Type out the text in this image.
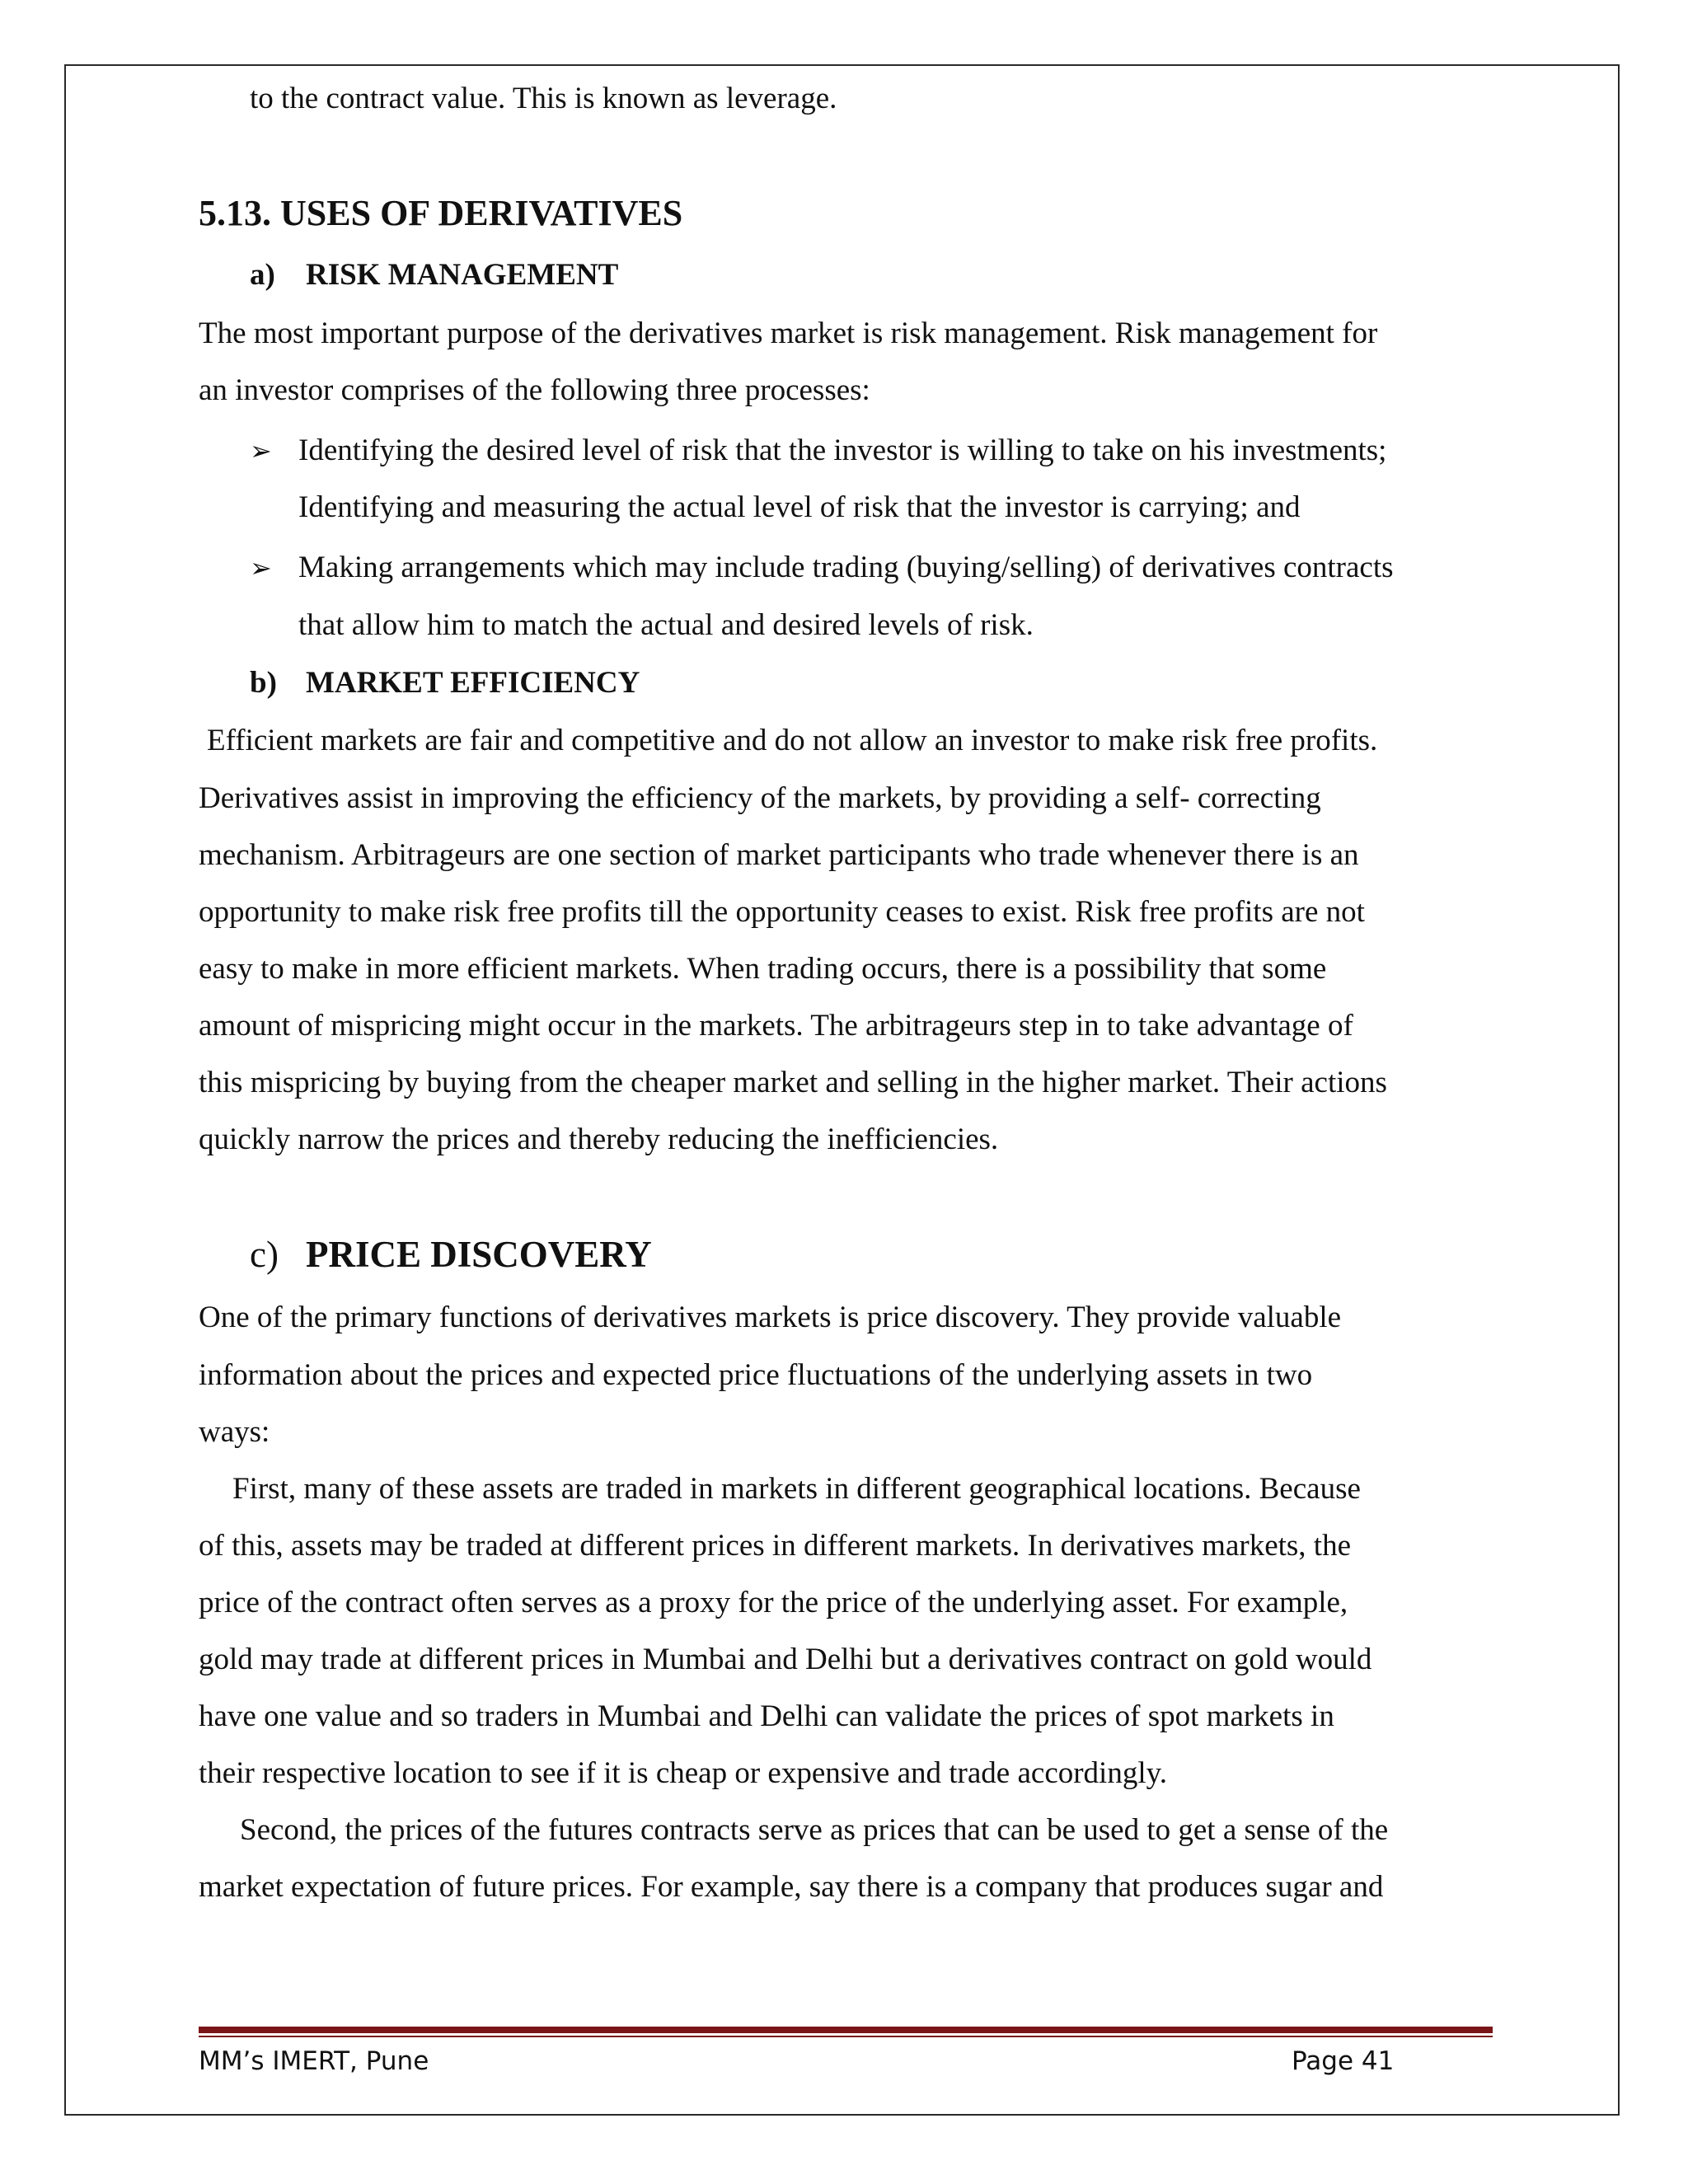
to the contract value. This is known as leverage.
5.13. USES OF DERIVATIVES
a) RISK MANAGEMENT
The most important purpose of the derivatives market is risk management. Risk management for
an investor comprises of the following three processes:
➢ Identifying the desired level of risk that the investor is willing to take on his investments;
Identifying and measuring the actual level of risk that the investor is carrying; and
➢ Making arrangements which may include trading (buying/selling) of derivatives contracts
that allow him to match the actual and desired levels of risk.
b) MARKET EFFICIENCY
Efficient markets are fair and competitive and do not allow an investor to make risk free profits.
Derivatives assist in improving the efficiency of the markets, by providing a self- correcting
mechanism. Arbitrageurs are one section of market participants who trade whenever there is an
opportunity to make risk free profits till the opportunity ceases to exist. Risk free profits are not
easy to make in more efficient markets. When trading occurs, there is a possibility that some
amount of mispricing might occur in the markets. The arbitrageurs step in to take advantage of
this mispricing by buying from the cheaper market and selling in the higher market. Their actions
quickly narrow the prices and thereby reducing the inefficiencies.
c) PRICE DISCOVERY
One of the primary functions of derivatives markets is price discovery. They provide valuable
information about the prices and expected price fluctuations of the underlying assets in two
ways:
First, many of these assets are traded in markets in different geographical locations. Because
of this, assets may be traded at different prices in different markets. In derivatives markets, the
price of the contract often serves as a proxy for the price of the underlying asset. For example,
gold may trade at different prices in Mumbai and Delhi but a derivatives contract on gold would
have one value and so traders in Mumbai and Delhi can validate the prices of spot markets in
their respective location to see if it is cheap or expensive and trade accordingly.
Second, the prices of the futures contracts serve as prices that can be used to get a sense of the
market expectation of future prices. For example, say there is a company that produces sugar and
MM’s IMERT, Pune	Page 41
